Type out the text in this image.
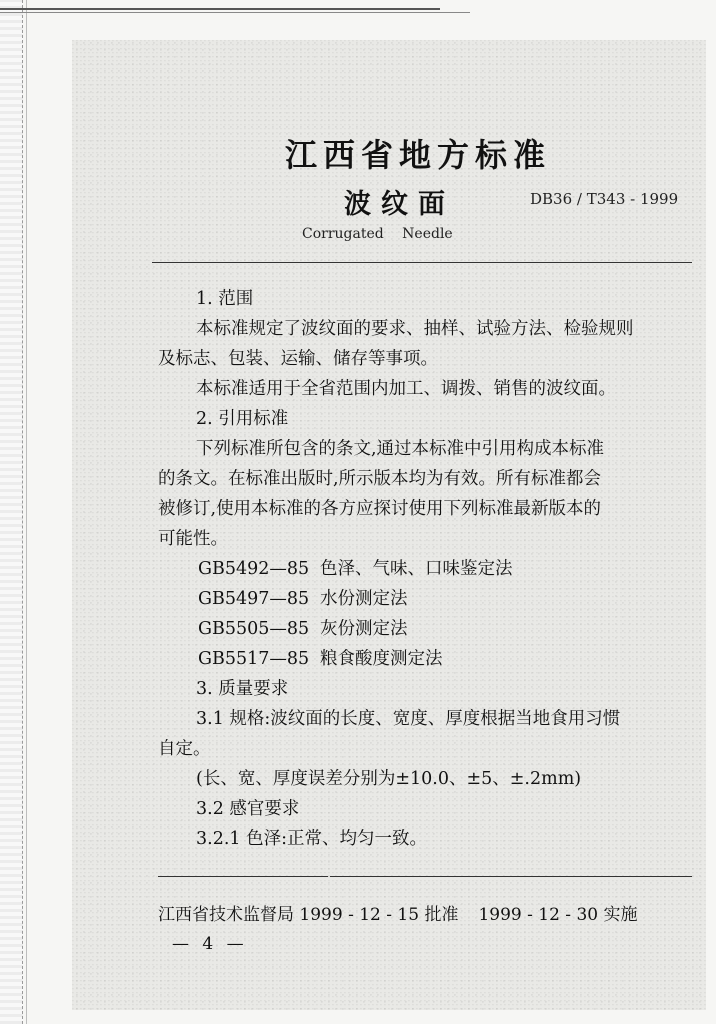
江西省地方标准
波纹面	DB36 / T343 - 1999
Corrugated Needle
1. 范围
本标准规定了波纹面的要求、抽样、试验方法、检验规则
及标志、包装、运输、储存等事项。
本标准适用于全省范围内加工、调拨、销售的波纹面。
2. 引用标准
下列标准所包含的条文,通过本标准中引用构成本标准
的条文。在标准出版时,所示版本均为有效。所有标准都会
被修订,使用本标准的各方应探讨使用下列标准最新版本的
可能性。
GB5492—85 色泽、气味、口味鉴定法
GB5497—85 水份测定法
GB5505—85 灰份测定法
GB5517—85 粮食酸度测定法
3. 质量要求
3.1 规格:波纹面的长度、宽度、厚度根据当地食用习惯
自定。
(长、宽、厚度误差分别为±10.0、±5、±.2mm)
3.2 感官要求
3.2.1 色泽:正常、均匀一致。
江西省技术监督局 1999 - 12 - 15 批准 1999 - 12 - 30 实施
— 4 —
